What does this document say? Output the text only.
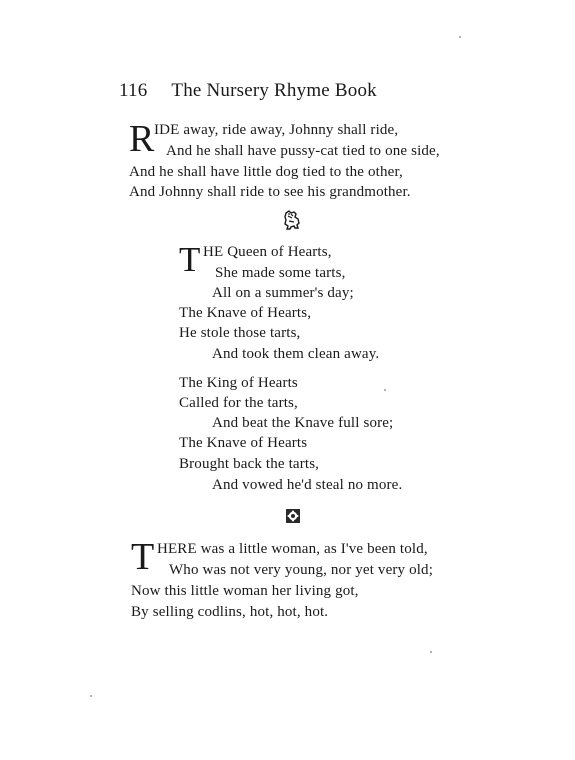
116 The Nursery Rhyme Book
R IDE away, ride away, Johnny shall ride,
And he shall have pussy-cat tied to one side,
And he shall have little dog tied to the other,
And Johnny shall ride to see his grandmother.
T HE Queen of Hearts,
She made some tarts,
All on a summer's day;
The Knave of Hearts,
He stole those tarts,
And took them clean away.
The King of Hearts
Called for the tarts,
And beat the Knave full sore;
The Knave of Hearts
Brought back the tarts,
And vowed he'd steal no more.
T HERE was a little woman, as I've been told,
Who was not very young, nor yet very old;
Now this little woman her living got,
By selling codlins, hot, hot, hot.
